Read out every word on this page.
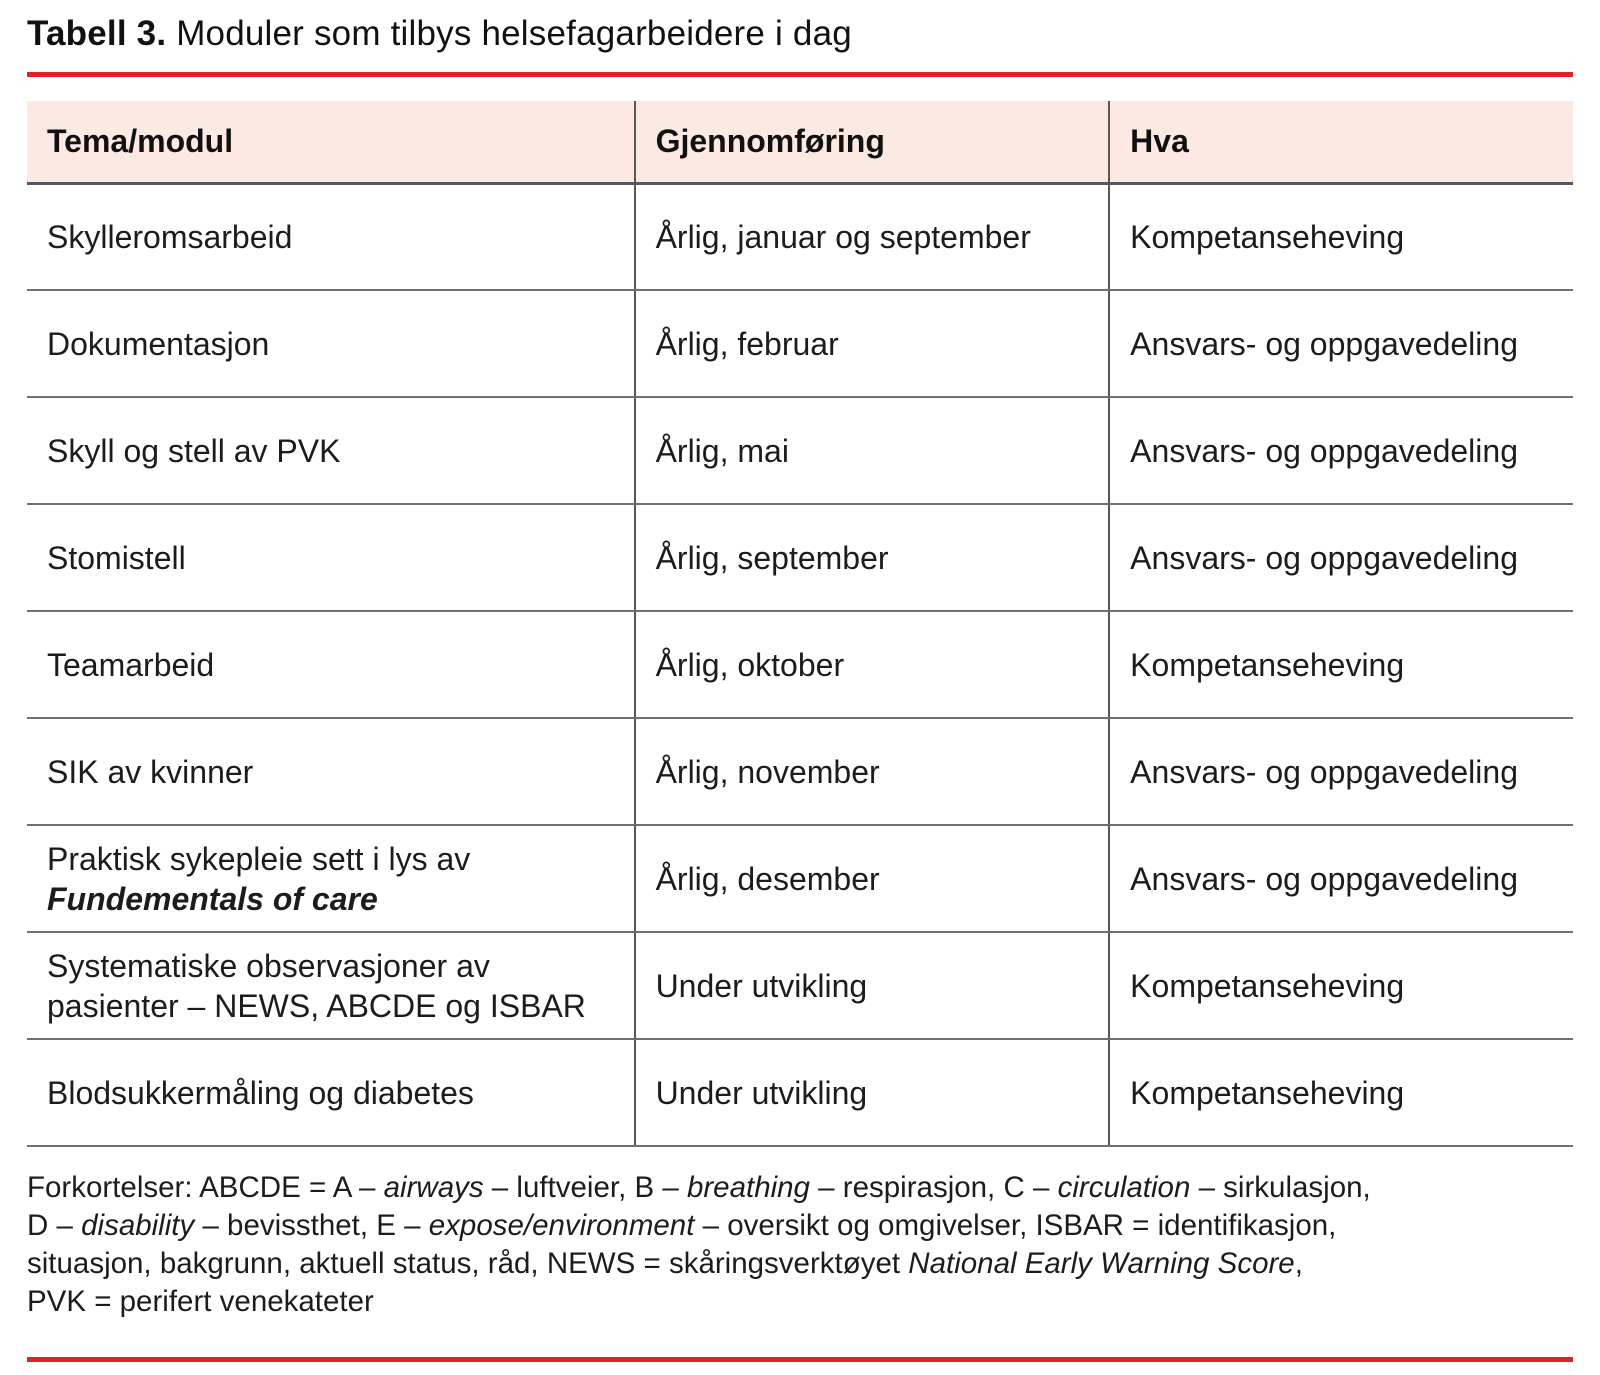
Tabell 3. Moduler som tilbys helsefagarbeidere i dag
Tema/modul	Gjennomføring	Hva
Skylleromsarbeid	Årlig, januar og september	Kompetanseheving
Dokumentasjon	Årlig, februar	Ansvars- og oppgavedeling
Skyll og stell av PVK	Årlig, mai	Ansvars- og oppgavedeling
Stomistell	Årlig, september	Ansvars- og oppgavedeling
Teamarbeid	Årlig, oktober	Kompetanseheving
SIK av kvinner	Årlig, november	Ansvars- og oppgavedeling
Praktisk sykepleie sett i lys av
Fundementals of care	Årlig, desember	Ansvars- og oppgavedeling
Systematiske observasjoner av pasienter – NEWS, ABCDE og ISBAR	Under utvikling	Kompetanseheving
Blodsukkermåling og diabetes	Under utvikling	Kompetanseheving

Forkortelser: ABCDE = A – airways – luftveier, B – breathing – respirasjon, C – circulation – sirkulasjon,
D – disability – bevissthet, E – expose/environment – oversikt og omgivelser, ISBAR = identifikasjon,
situasjon, bakgrunn, aktuell status, råd, NEWS = skåringsverktøyet National Early Warning Score,
PVK = perifert venekateter
